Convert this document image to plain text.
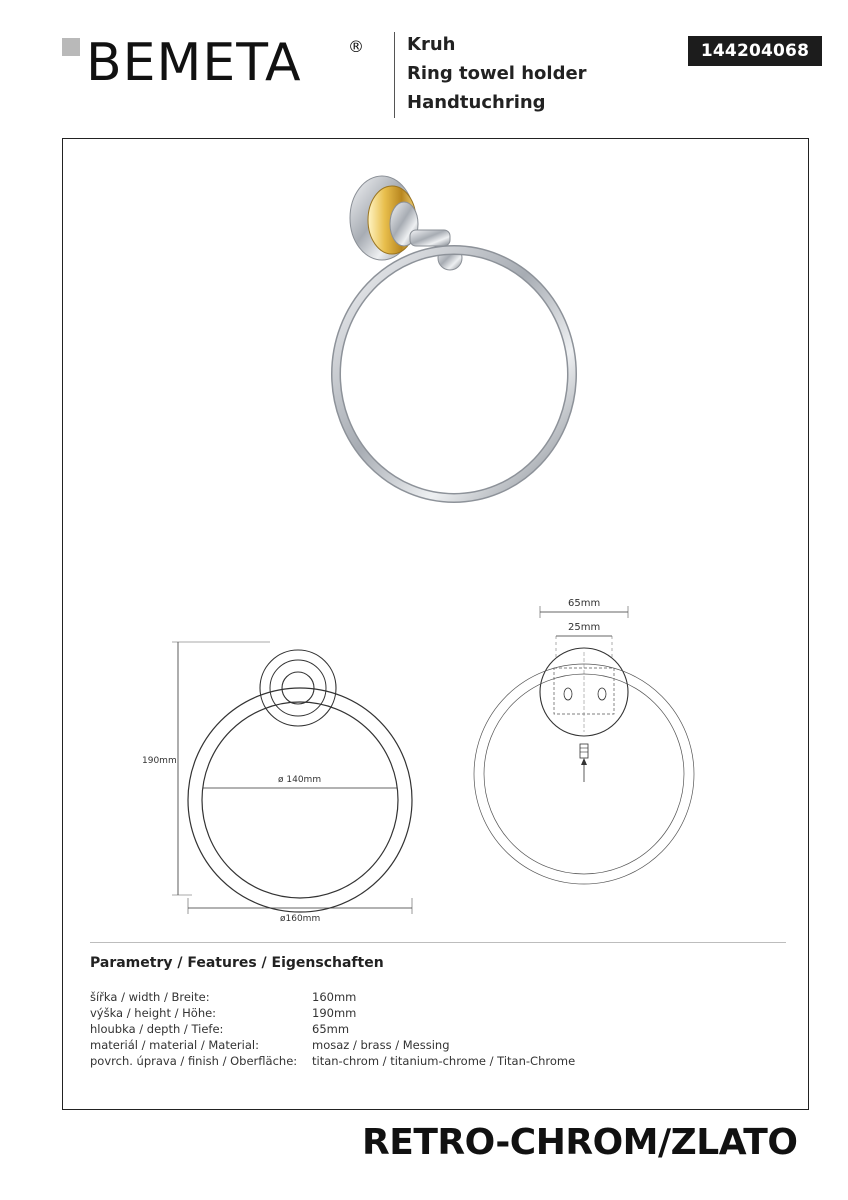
BEMETA	® Kruh
Ring towel holder
Handtuchring
144204068
190mm
ø 140mm
ø160mm
65mm
25mm
Parametry / Features / Eigenschaften
šířka / width / Breite:	160mm
výška / height / Höhe:	190mm
hloubka / depth / Tiefe:	65mm
materiál / material / Material:	mosaz / brass / Messing
povrch. úprava / finish / Oberfläche: titan-chrom / titanium-chrome / Titan-Chrome
RETRO-CHROM/ZLATO
